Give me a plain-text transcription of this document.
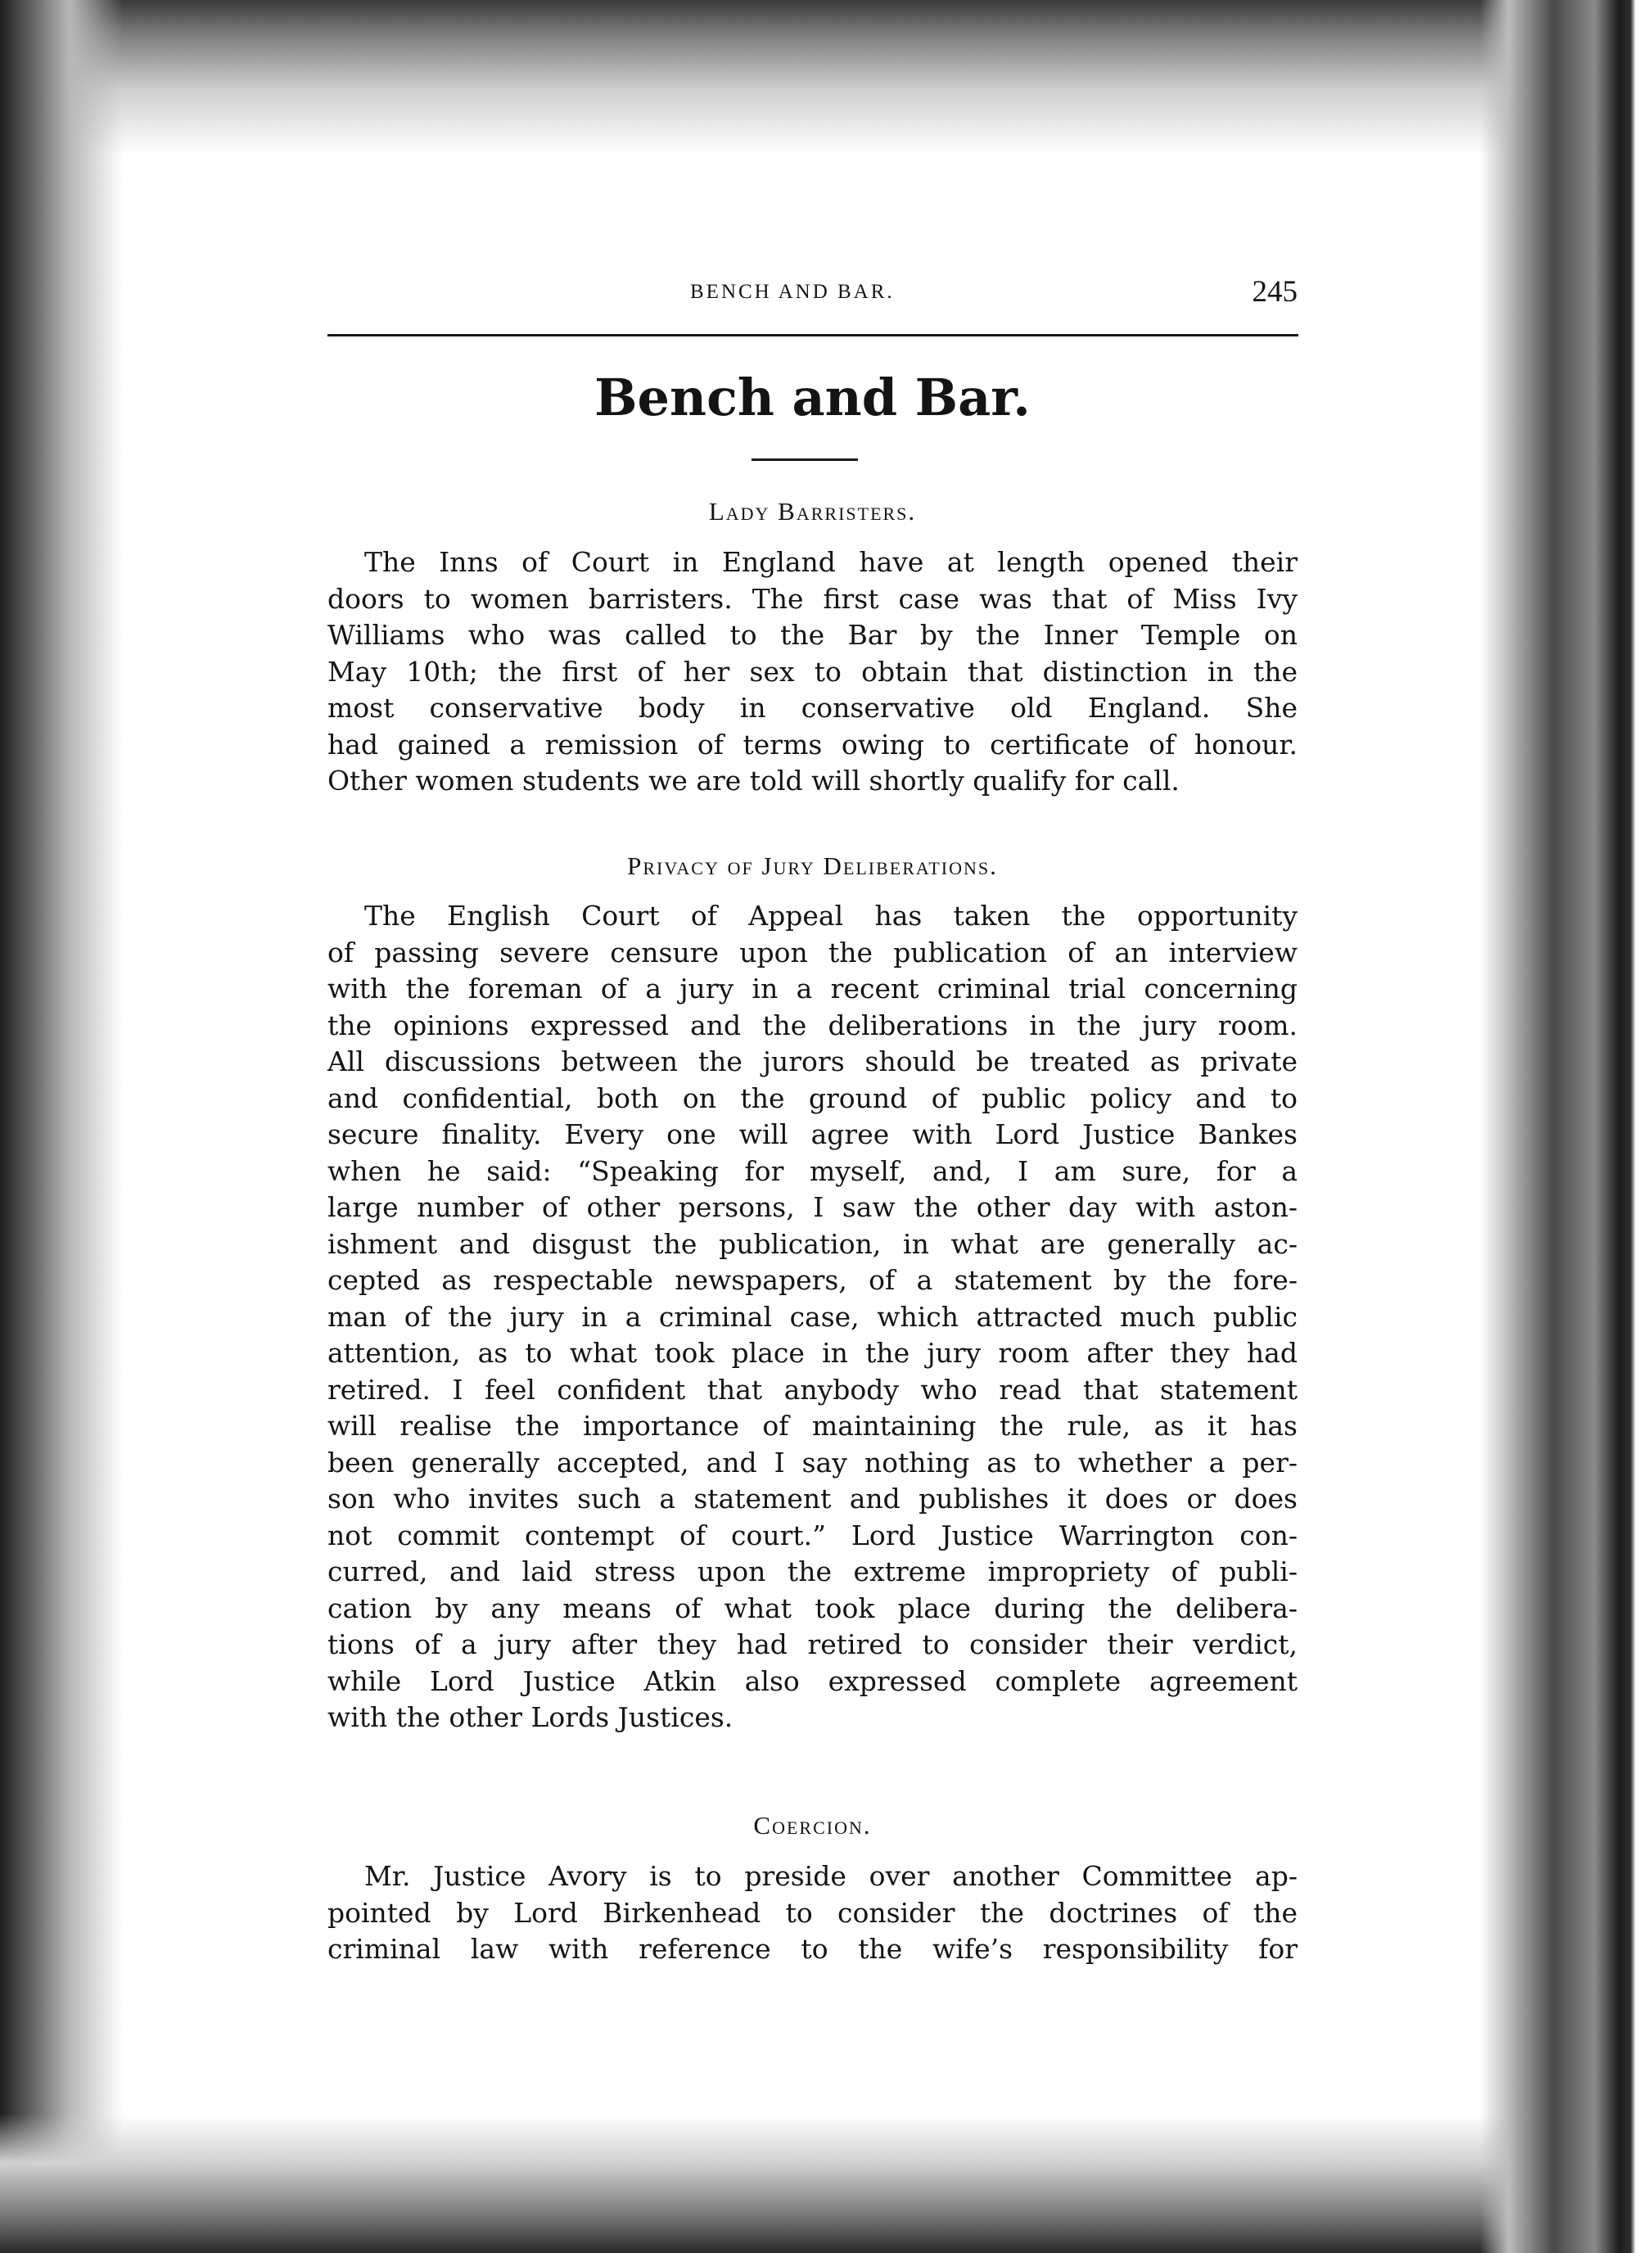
BENCH AND BAR.	245
Bench and Bar.
Lady Barristers.
The Inns of Court in England have at length opened their
doors to women barristers. The first case was that of Miss Ivy
Williams who was called to the Bar by the Inner Temple on
May 10th; the first of her sex to obtain that distinction in the
most conservative body in conservative old England. She
had gained a remission of terms owing to certificate of honour.
Other women students we are told will shortly qualify for call.
Privacy of Jury Deliberations.
The English Court of Appeal has taken the opportunity
of passing severe censure upon the publication of an interview
with the foreman of a jury in a recent criminal trial concerning
the opinions expressed and the deliberations in the jury room.
All discussions between the jurors should be treated as private
and confidential, both on the ground of public policy and to
secure finality. Every one will agree with Lord Justice Bankes
when he said: “Speaking for myself, and, I am sure, for a
large number of other persons, I saw the other day with aston-
ishment and disgust the publication, in what are generally ac-
cepted as respectable newspapers, of a statement by the fore-
man of the jury in a criminal case, which attracted much public
attention, as to what took place in the jury room after they had
retired. I feel confident that anybody who read that statement
will realise the importance of maintaining the rule, as it has
been generally accepted, and I say nothing as to whether a per-
son who invites such a statement and publishes it does or does
not commit contempt of court.” Lord Justice Warrington con-
curred, and laid stress upon the extreme impropriety of publi-
cation by any means of what took place during the delibera-
tions of a jury after they had retired to consider their verdict,
while Lord Justice Atkin also expressed complete agreement
with the other Lords Justices.
Coercion.
Mr. Justice Avory is to preside over another Committee ap-
pointed by Lord Birkenhead to consider the doctrines of the
criminal law with reference to the wife’s responsibility for
